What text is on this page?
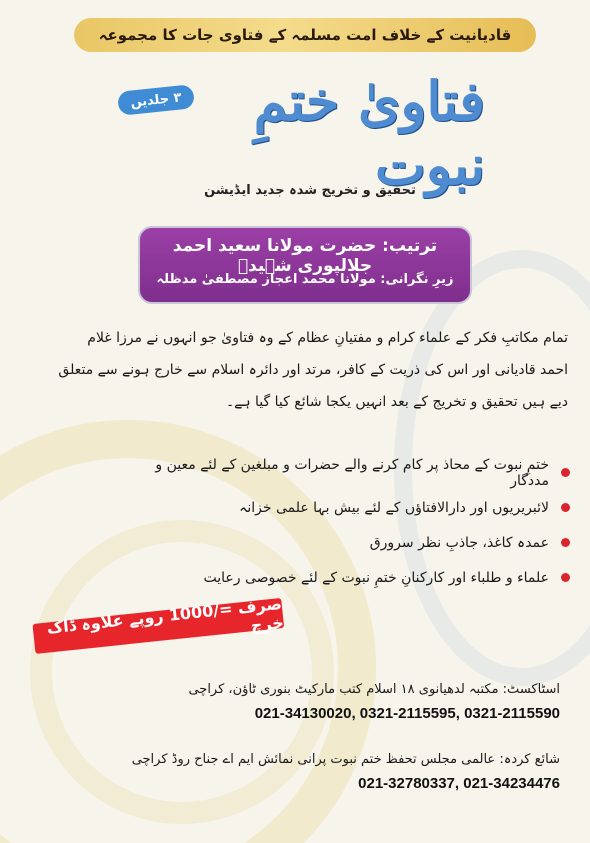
قادیانیت کے خلاف امت مسلمہ کے فتاوی جات کا مجموعہ
۳ جلدیں	فتاویٰ ختمِ نبوت
تحقیق و تخریج شدہ جدید ایڈیشن
ترتیب: حضرت مولانا سعید احمد جلالپوری شہیدؒ
زیرِ نگرانی: مولانا محمد اعجاز مصطفیٰ مدظلہ
تمام مکاتبِ فکر کے علماء کرام و مفتیانِ عظام کے وہ فتاویٰ جو انہوں نے مرزا غلام احمد قادیانی اور اس کی ذریت کے کافر، مرتد اور دائرہ اسلام سے خارج ہونے سے متعلق دیے ہیں تحقیق و تخریج کے بعد انہیں یکجا شائع کیا گیا ہے۔
ختمِ نبوت کے محاذ پر کام کرنے والے حضرات و مبلغین کے لئے معین و مددگار
لائبریریوں اور دارالافتاؤں کے لئے بیش بہا علمی خزانہ
عمدہ کاغذ، جاذبِ نظر سرورق
علماء و طلباء اور کارکنانِ ختمِ نبوت کے لئے خصوصی رعایت
صرف =/1000 روپے علاوہ ڈاک خرچ
اسٹاکسٹ: مکتبہ لدھیانوی ۱۸ اسلام کتب مارکیٹ بنوری ٹاؤن، کراچی
021-34130020, 0321-2115595, 0321-2115590
شائع کردہ: عالمی مجلس تحفظ ختم نبوت پرانی نمائش ایم اے جناح روڈ کراچی
021-32780337, 021-34234476
